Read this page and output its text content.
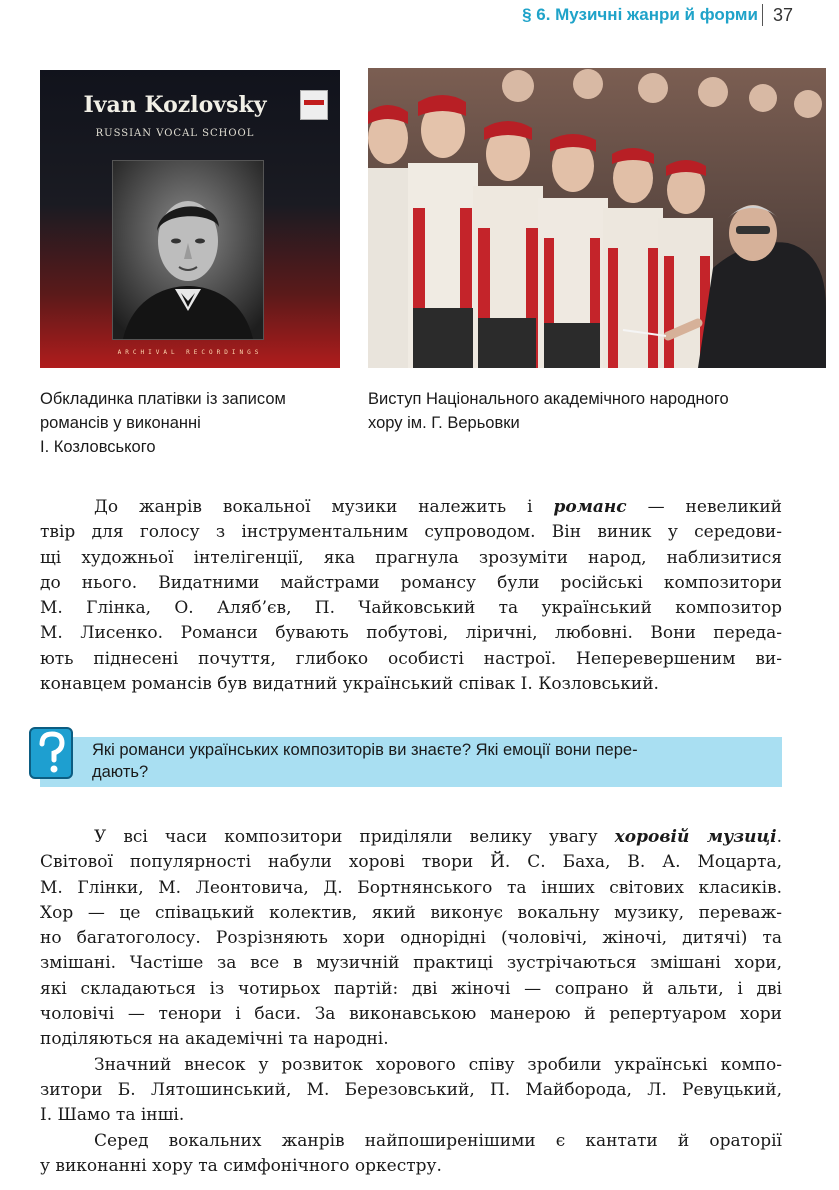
§ 6. Музичні жанри й форми 37
Ivan Kozlovsky
RUSSIAN VOCAL SCHOOL
ARCHIVAL RECORDINGS
Обкладинка платівки із записом
романсів у виконанні
І. Козловського
Виступ Національного академічного народного
хору ім. Г. Верьовки
До жанрів вокальної музики належить і романс — невеликий
твір для голосу з інструментальним супроводом. Він виник у середови-
щі художньої інтелігенції, яка прагнула зрозуміти народ, наблизитися
до нього. Видатними майстрами романсу були російські композитори
М. Глінка, О. Аляб’єв, П. Чайковський та український композитор
М. Лисенко. Романси бувають побутові, ліричні, любовні. Вони переда-
ють піднесені почуття, глибоко особисті настрої. Неперевершеним ви-
конавцем романсів був видатний український співак І. Козловський.
Які романси українських композиторів ви знаєте? Які емоції вони пере-
дають?
У всі часи композитори приділяли велику увагу хоровій музиці.
Світової популярності набули хорові твори Й. С. Баха, В. А. Моцарта,
М. Глінки, М. Леонтовича, Д. Бортнянського та інших світових класиків.
Хор — це співацький колектив, який виконує вокальну музику, переваж-
но багатоголосу. Розрізняють хори однорідні (чоловічі, жіночі, дитячі) та
змішані. Частіше за все в музичній практиці зустрічаються змішані хори,
які складаються із чотирьох партій: дві жіночі — сопрано й альти, і дві
чоловічі — тенори і баси. За виконавською манерою й репертуаром хори
поділяються на академічні та народні.
Значний внесок у розвиток хорового співу зробили українські компо-
зитори Б. Лятошинський, М. Березовський, П. Майборода, Л. Ревуцький,
І. Шамо та інші.
Серед вокальних жанрів найпоширенішими є кантати й ораторії
у виконанні хору та симфонічного оркестру.
